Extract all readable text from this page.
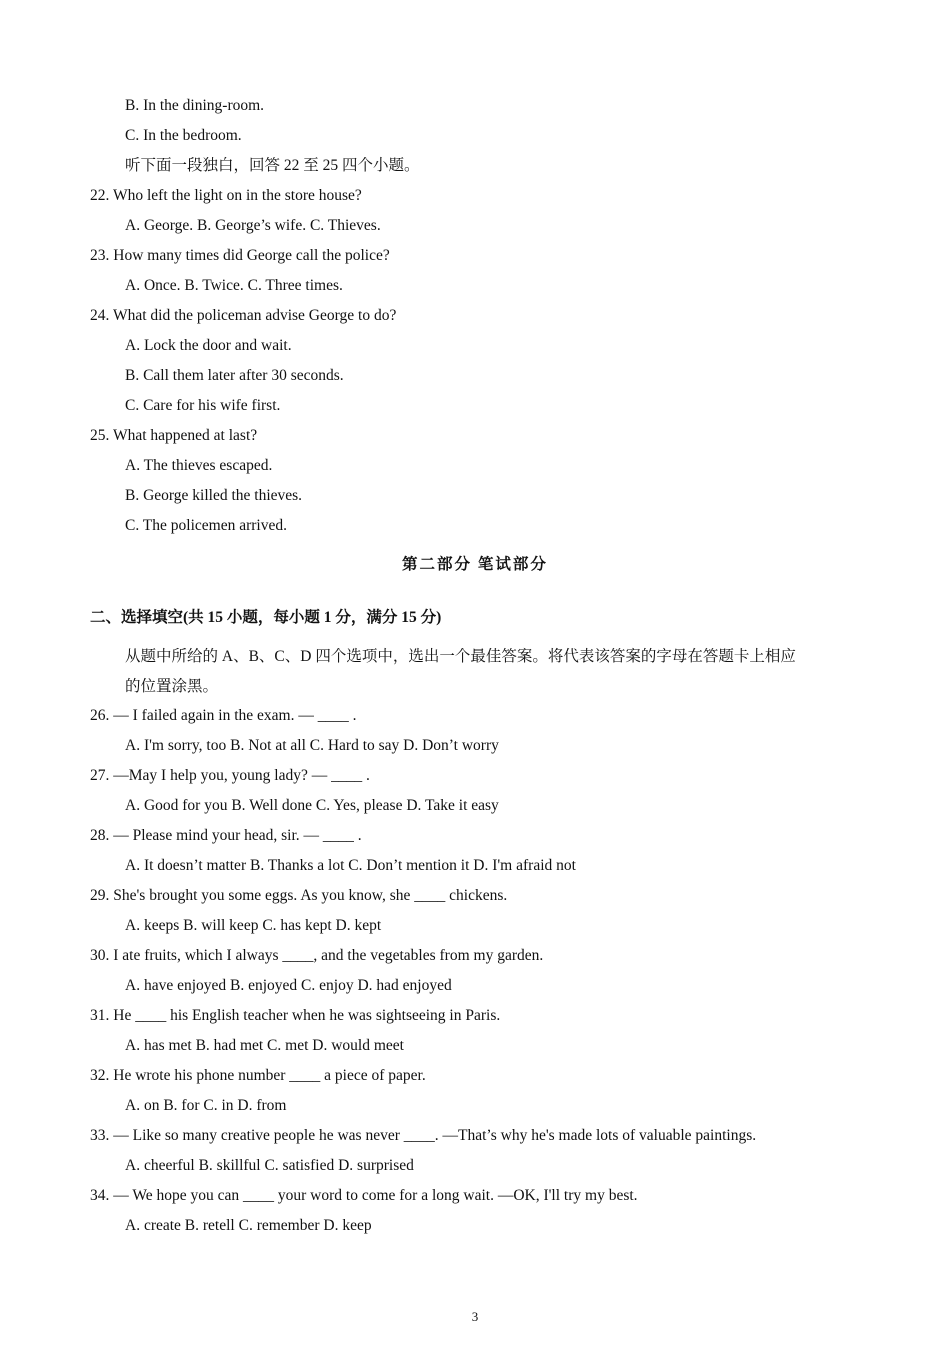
B. In the dining-room.
C. In the bedroom.
听下面一段独白，回答 22 至 25 四个小题。
22. Who left the light on in the store house?
A. George. B. George’s wife. C. Thieves.
23. How many times did George call the police?
A. Once. B. Twice. C. Three times.
24. What did the policeman advise George to do?
A. Lock the door and wait.
B. Call them later after 30 seconds.
C. Care for his wife first.
25. What happened at last?
A. The thieves escaped.
B. George killed the thieves.
C. The policemen arrived.
第二部分 笔试部分
二、选择填空(共 15 小题，每小题 1 分，满分 15 分)
从题中所给的 A、B、C、D 四个选项中，选出一个最佳答案。将代表该答案的字母在答题卡上相应
的位置涂黑。
26. — I failed again in the exam. — ____ .
A. I'm sorry, too B. Not at all C. Hard to say D. Don’t worry
27. —May I help you, young lady? — ____ .
A. Good for you B. Well done C. Yes, please D. Take it easy
28. — Please mind your head, sir. — ____ .
A. It doesn’t matter B. Thanks a lot C. Don’t mention it D. I'm afraid not
29. She's brought you some eggs. As you know, she ____ chickens.
A. keeps B. will keep C. has kept D. kept
30. I ate fruits, which I always ____, and the vegetables from my garden.
A. have enjoyed B. enjoyed C. enjoy D. had enjoyed
31. He ____ his English teacher when he was sightseeing in Paris.
A. has met B. had met C. met D. would meet
32. He wrote his phone number ____ a piece of paper.
A. on B. for C. in D. from
33. — Like so many creative people he was never ____. —That’s why he's made lots of valuable paintings.
A. cheerful B. skillful C. satisfied D. surprised
34. — We hope you can ____ your word to come for a long wait. —OK, I'll try my best.
A. create B. retell C. remember D. keep
3
